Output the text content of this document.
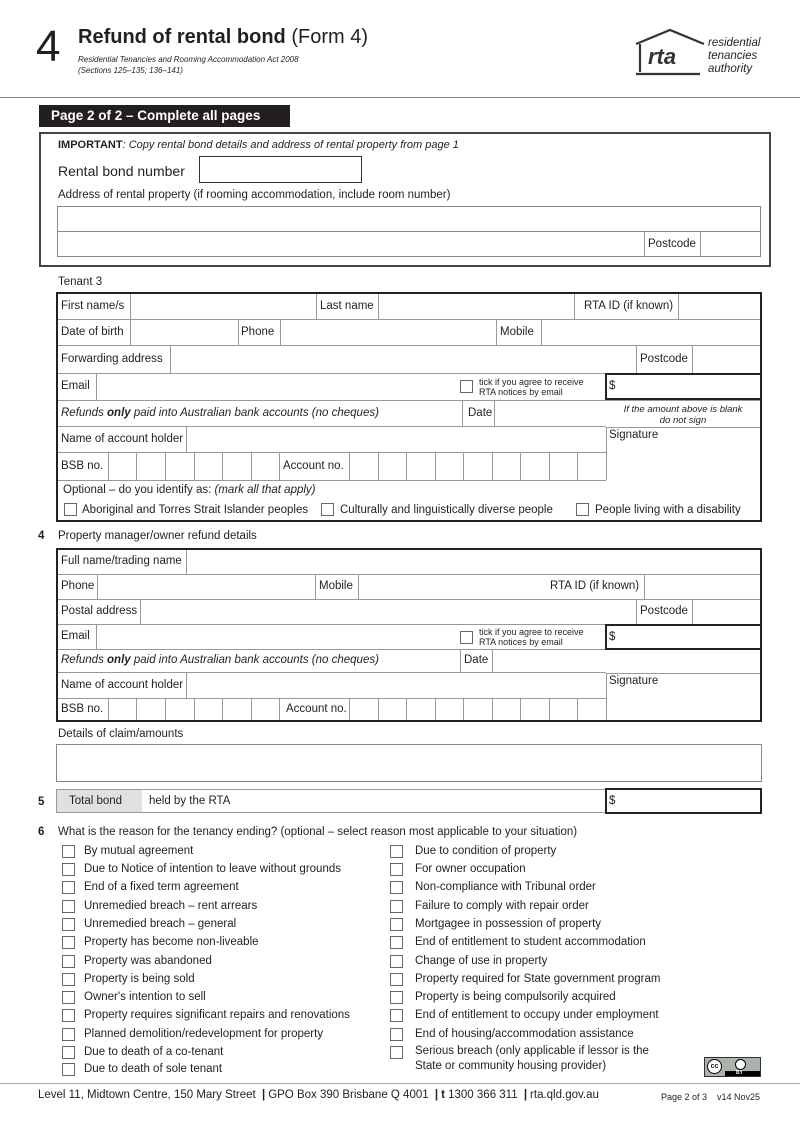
4 Refund of rental bond (Form 4)
Residential Tenancies and Rooming Accommodation Act 2008
(Sections 125–135; 136–141)
rta
residential
tenancies
authority
Page 2 of 2 – Complete all pages
IMPORTANT: Copy rental bond details and address of rental property from page 1
Rental bond number
Address of rental property (if rooming accommodation, include room number)
Postcode
Tenant 3
First name/s	Last name	RTA ID (if known)
Date of birth	Phone	Mobile
Forwarding address	Postcode
Email	tick if you agree to receive
RTA notices by email	$
Refunds only paid into Australian bank accounts (no cheques)	Date	If the amount above is blank
do not sign
Name of account holder	Signature
BSB no.	Account no.
Optional – do you identify as: (mark all that apply)
Aboriginal and Torres Strait Islander peoples	Culturally and linguistically diverse people	People living with a disability
4 Property manager/owner refund details
Full name/trading name
Phone	Mobile	RTA ID (if known)
Postal address	Postcode
Email	tick if you agree to receive
RTA notices by email	$
Refunds only paid into Australian bank accounts (no cheques)	Date
Name of account holder	Signature
BSB no.	Account no.
Details of claim/amounts
5	Total bond	held by the RTA	$
6 What is the reason for the tenancy ending? (optional – select reason most applicable to your situation)
By mutual agreement
Due to Notice of intention to leave without grounds
End of a fixed term agreement
Unremedied breach – rent arrears
Unremedied breach – general
Property has become non-liveable
Property was abandoned
Property is being sold
Owner's intention to sell
Property requires significant repairs and renovations
Planned demolition/redevelopment for property
Due to death of a co-tenant
Due to death of sole tenant
Due to condition of property
For owner occupation
Non-compliance with Tribunal order
Failure to comply with repair order
Mortgagee in possession of property
End of entitlement to student accommodation
Change of use in property
Property required for State government program
Property is being compulsorily acquired
End of entitlement to occupy under employment
End of housing/accommodation assistance
Serious breach (only applicable if lessor is the
State or community housing provider)	cc
BY
Level 11, Midtown Centre, 150 Mary Street | GPO Box 390 Brisbane Q 4001 | t 1300 366 311 | rta.qld.gov.au	Page 2 of 3 v14 Nov25
